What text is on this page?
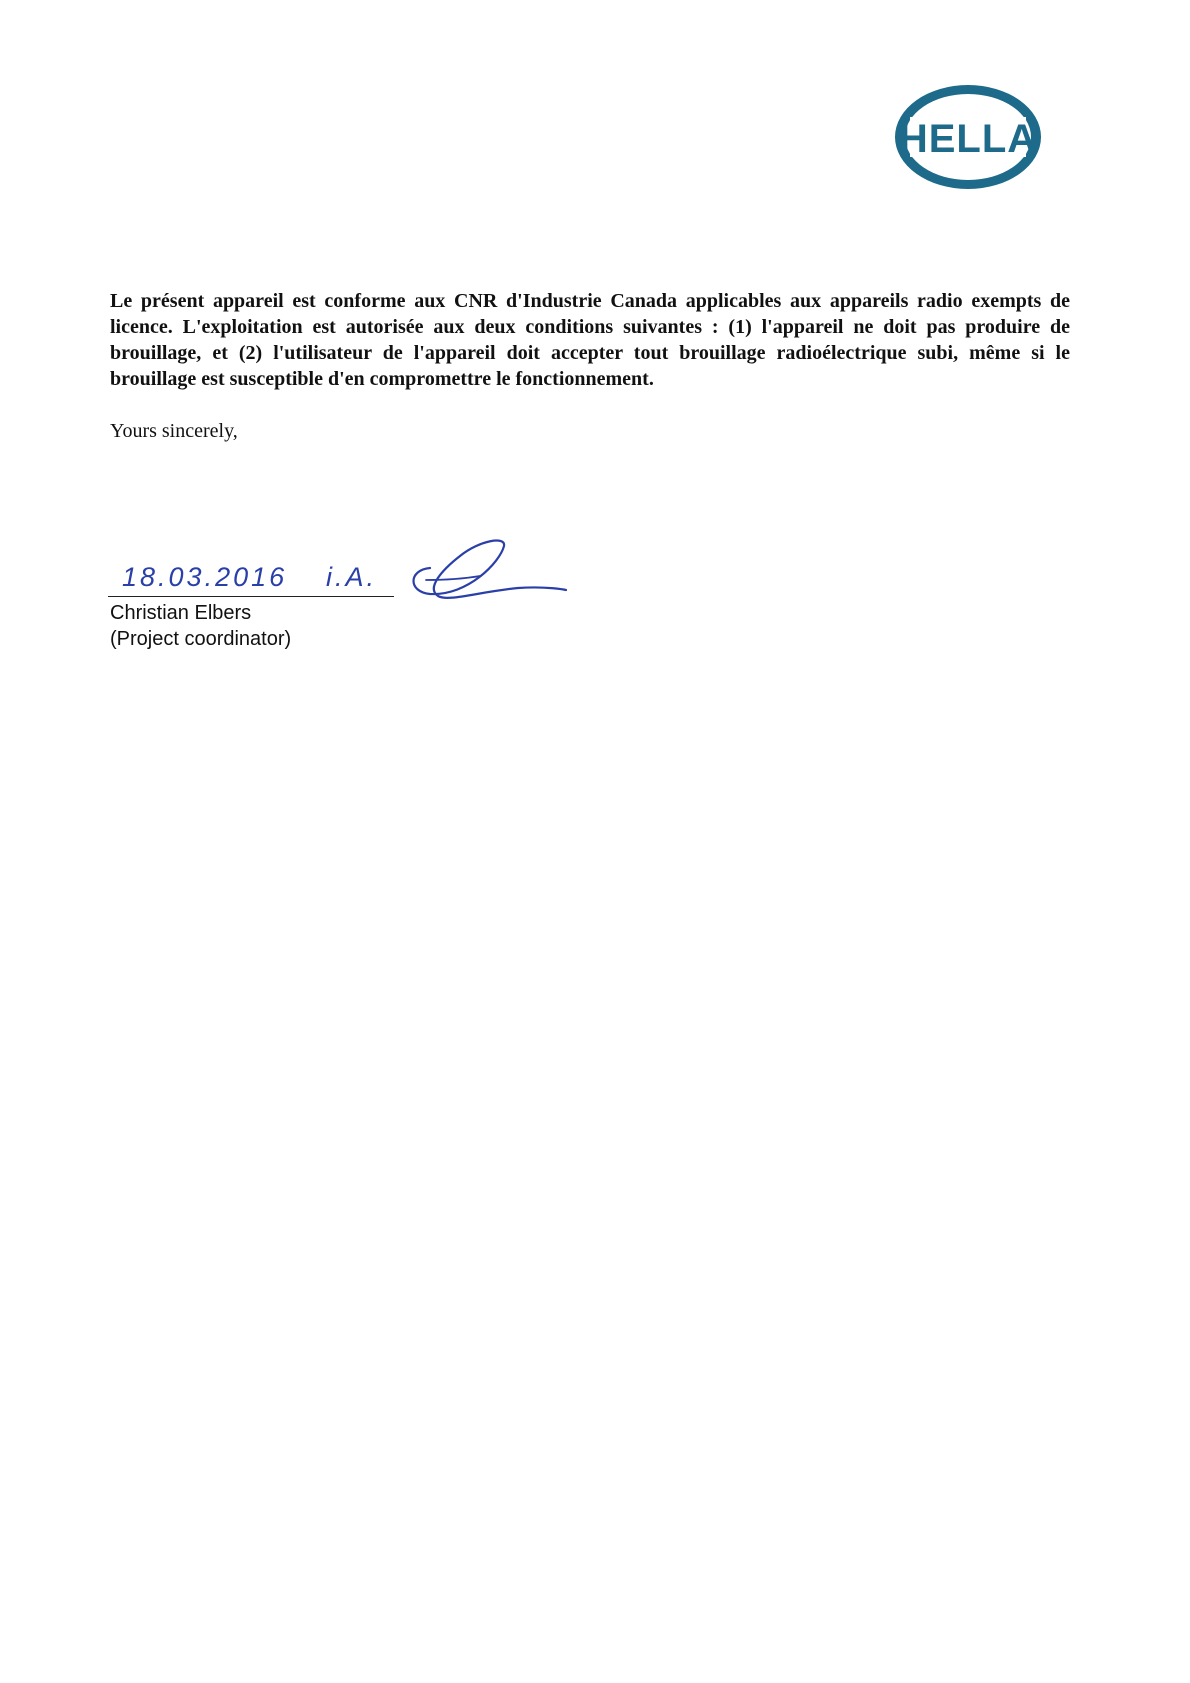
HELLA

Le présent appareil est conforme aux CNR d'Industrie Canada applicables aux appareils radio exempts de licence. L'exploitation est autorisée aux deux conditions suivantes : (1) l'appareil ne doit pas produire de brouillage, et (2) l'utilisateur de l'appareil doit accepter tout brouillage radioélectrique subi, même si le brouillage est susceptible d'en compromettre le fonctionnement.

Yours sincerely,

18.03.2016 i.A.

Christian Elbers

(Project coordinator)
